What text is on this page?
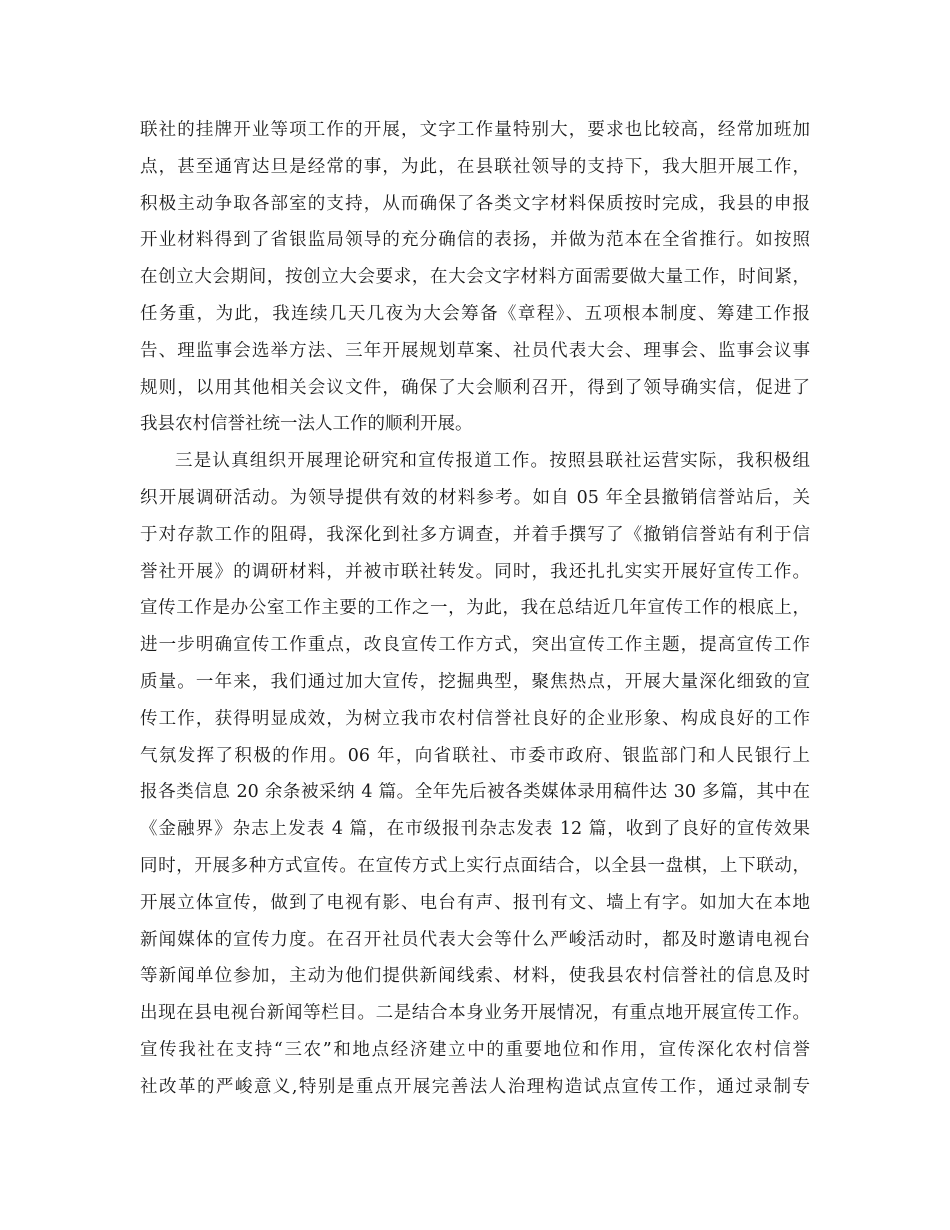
联社的挂牌开业等项工作的开展，文字工作量特别大，要求也比较高，经常加班加
点，甚至通宵达旦是经常的事，为此，在县联社领导的支持下，我大胆开展工作，
积极主动争取各部室的支持，从而确保了各类文字材料保质按时完成，我县的申报
开业材料得到了省银监局领导的充分确信的表扬，并做为范本在全省推行。如按照
在创立大会期间，按创立大会要求，在大会文字材料方面需要做大量工作，时间紧，
任务重，为此，我连续几天几夜为大会筹备《章程》、五项根本制度、筹建工作报
告、理监事会选举方法、三年开展规划草案、社员代表大会、理事会、监事会议事
规则，以用其他相关会议文件，确保了大会顺利召开，得到了领导确实信，促进了
我县农村信誉社统一法人工作的顺利开展。
三是认真组织开展理论研究和宣传报道工作。按照县联社运营实际，我积极组
织开展调研活动。为领导提供有效的材料参考。如自 05 年全县撤销信誉站后，关
于对存款工作的阻碍，我深化到社多方调查，并着手撰写了《撤销信誉站有利于信
誉社开展》的调研材料，并被市联社转发。同时，我还扎扎实实开展好宣传工作。
宣传工作是办公室工作主要的工作之一，为此，我在总结近几年宣传工作的根底上，
进一步明确宣传工作重点，改良宣传工作方式，突出宣传工作主题，提高宣传工作
质量。一年来，我们通过加大宣传，挖掘典型，聚焦热点，开展大量深化细致的宣
传工作，获得明显成效，为树立我市农村信誉社良好的企业形象、构成良好的工作
气氛发挥了积极的作用。06 年，向省联社、市委市政府、银监部门和人民银行上
报各类信息 20 余条被采纳 4 篇。全年先后被各类媒体录用稿件达 30 多篇，其中在
《金融界》杂志上发表 4 篇，在市级报刊杂志发表 12 篇，收到了良好的宣传效果
同时，开展多种方式宣传。在宣传方式上实行点面结合，以全县一盘棋，上下联动，
开展立体宣传，做到了电视有影、电台有声、报刊有文、墙上有字。如加大在本地
新闻媒体的宣传力度。在召开社员代表大会等什么严峻活动时，都及时邀请电视台
等新闻单位参加，主动为他们提供新闻线索、材料，使我县农村信誉社的信息及时
出现在县电视台新闻等栏目。二是结合本身业务开展情况，有重点地开展宣传工作。
宣传我社在支持“三农”和地点经济建立中的重要地位和作用，宣传深化农村信誉
社改革的严峻意义,特别是重点开展完善法人治理构造试点宣传工作，通过录制专
